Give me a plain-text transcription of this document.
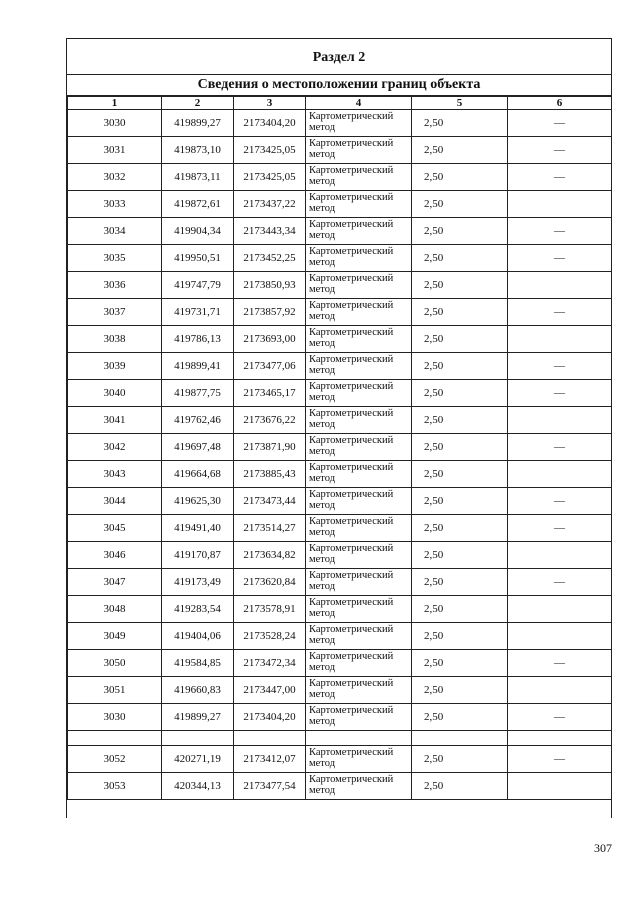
Раздел 2
Сведения о местоположении границ объекта
1	2	3	4	5	6
3030	419899,27	2173404,20	Картометрический метод	2,50	—
3031	419873,10	2173425,05	Картометрический метод	2,50	—
3032	419873,11	2173425,05	Картометрический метод	2,50	—
3033	419872,61	2173437,22	Картометрический метод	2,50	
3034	419904,34	2173443,34	Картометрический метод	2,50	—
3035	419950,51	2173452,25	Картометрический метод	2,50	—
3036	419747,79	2173850,93	Картометрический метод	2,50	
3037	419731,71	2173857,92	Картометрический метод	2,50	—
3038	419786,13	2173693,00	Картометрический метод	2,50	
3039	419899,41	2173477,06	Картометрический метод	2,50	—
3040	419877,75	2173465,17	Картометрический метод	2,50	—
3041	419762,46	2173676,22	Картометрический метод	2,50	
3042	419697,48	2173871,90	Картометрический метод	2,50	—
3043	419664,68	2173885,43	Картометрический метод	2,50	
3044	419625,30	2173473,44	Картометрический метод	2,50	—
3045	419491,40	2173514,27	Картометрический метод	2,50	—
3046	419170,87	2173634,82	Картометрический метод	2,50	
3047	419173,49	2173620,84	Картометрический метод	2,50	—
3048	419283,54	2173578,91	Картометрический метод	2,50	
3049	419404,06	2173528,24	Картометрический метод	2,50	
3050	419584,85	2173472,34	Картометрический метод	2,50	—
3051	419660,83	2173447,00	Картометрический метод	2,50	
3030	419899,27	2173404,20	Картометрический метод	2,50	—

3052	420271,19	2173412,07	Картометрический метод	2,50	—
3053	420344,13	2173477,54	Картометрический метод	2,50	
307
